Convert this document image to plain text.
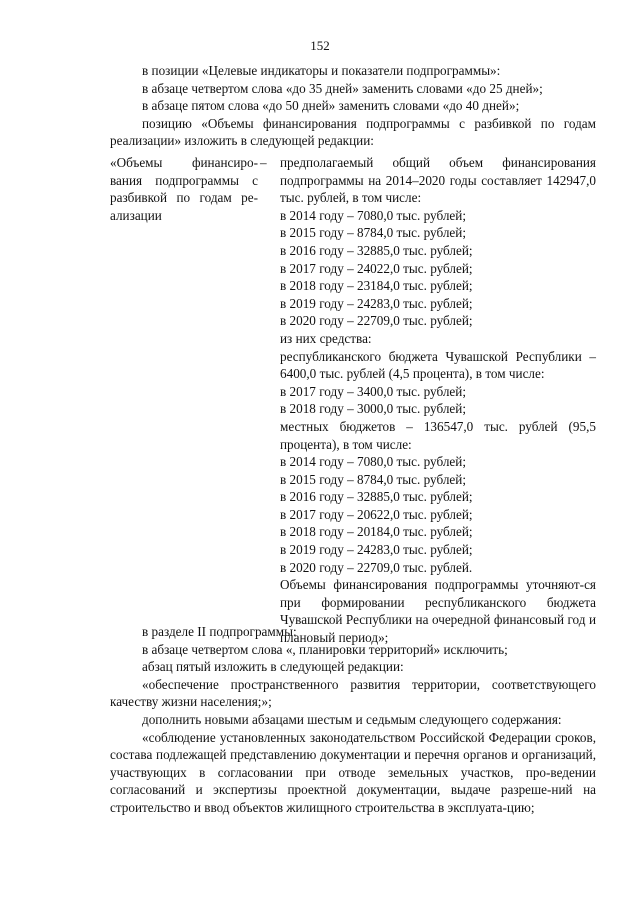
152

в позиции «Целевые индикаторы и показатели подпрограммы»:

в абзаце четвертом слова «до 35 дней» заменить словами «до 25 дней»;

в абзаце пятом слова «до 50 дней» заменить словами «до 40 дней»;

позицию «Объемы финансирования подпрограммы с разбивкой по годам реализации» изложить в следующей редакции:

«Объемы финансиро-вания подпрограммы с разбивкой по годам ре-ализации
– предполагаемый общий объем финансирования подпрограммы на 2014–2020 годы составляет 142947,0 тыс. рублей, в том числе:

в 2014 году – 7080,0 тыс. рублей;

в 2015 году – 8784,0 тыс. рублей;

в 2016 году – 32885,0 тыс. рублей;

в 2017 году – 24022,0 тыс. рублей;

в 2018 году – 23184,0 тыс. рублей;

в 2019 году – 24283,0 тыс. рублей;

в 2020 году – 22709,0 тыс. рублей;

из них средства:

республиканского бюджета Чувашской Республики – 6400,0 тыс. рублей (4,5 процента), в том числе:

в 2017 году – 3400,0 тыс. рублей;

в 2018 году – 3000,0 тыс. рублей;

местных бюджетов – 136547,0 тыс. рублей (95,5 процента), в том числе:

в 2014 году – 7080,0 тыс. рублей;

в 2015 году – 8784,0 тыс. рублей;

в 2016 году – 32885,0 тыс. рублей;

в 2017 году – 20622,0 тыс. рублей;

в 2018 году – 20184,0 тыс. рублей;

в 2019 году – 24283,0 тыс. рублей;

в 2020 году – 22709,0 тыс. рублей.

Объемы финансирования подпрограммы уточняют-ся при формировании республиканского бюджета Чувашской Республики на очередной финансовый год и плановый период»;

в разделе II подпрограммы:

в абзаце четвертом слова «, планировки территорий» исключить;

абзац пятый изложить в следующей редакции:

«обеспечение пространственного развития территории, соответствующего качеству жизни населения;»;

дополнить новыми абзацами шестым и седьмым следующего содержания:

«соблюдение установленных законодательством Российской Федерации сроков, состава подлежащей представлению документации и перечня органов и организаций, участвующих в согласовании при отводе земельных участков, про-ведении согласований и экспертизы проектной документации, выдаче разреше-ний на строительство и ввод объектов жилищного строительства в эксплуата-цию;
